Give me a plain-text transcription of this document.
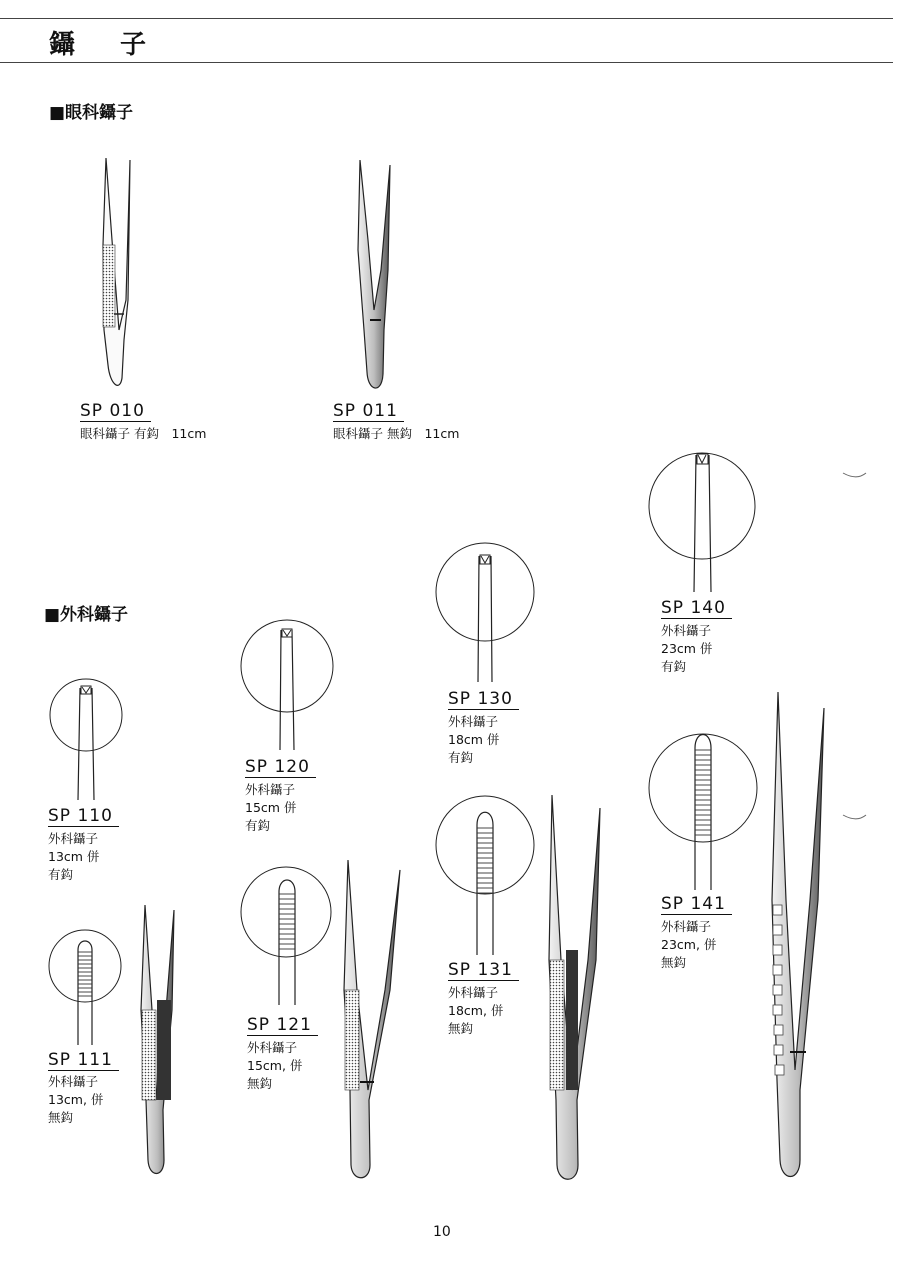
鑷 子
■眼科鑷子
■外科鑷子
SP 010
眼科鑷子 有鈎　11cm
SP 011
眼科鑷子 無鈎　11cm
SP 110
外科鑷子
13cm 併
有鈎
SP 111
外科鑷子
13cm, 併
無鈎
SP 120
外科鑷子
15cm 併
有鈎
SP 121
外科鑷子
15cm, 併
無鈎
SP 130
外科鑷子
18cm 併
有鈎
SP 131
外科鑷子
18cm, 併
無鈎
SP 140
外科鑷子
23cm 併
有鈎
SP 141
外科鑷子
23cm, 併
無鈎
10
